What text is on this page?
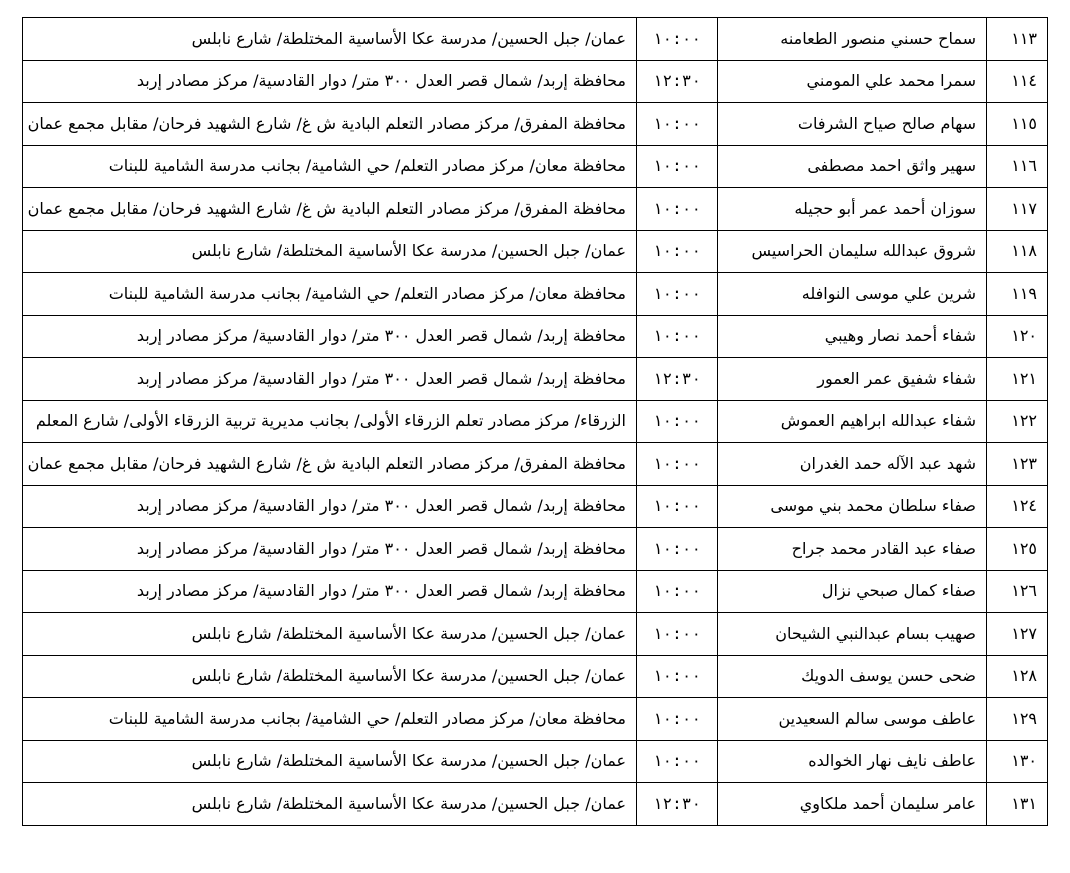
١١٣	سماح حسني منصور الطعامنه	١٠:٠٠	عمان/ جبل الحسين/ مدرسة عكا الأساسية المختلطة/ شارع نابلس
١١٤	سمرا محمد علي المومني	١٢:٣٠	محافظة إربد/ شمال قصر العدل ٣٠٠ متر/ دوار القادسية/ مركز مصادر إربد
١١٥	سهام صالح صياح الشرفات	١٠:٠٠	محافظة المفرق/ مركز مصادر التعلم البادية ش غ/ شارع الشهيد فرحان/ مقابل مجمع عمان
١١٦	سهير واثق احمد مصطفى	١٠:٠٠	محافظة معان/ مركز مصادر التعلم/ حي الشامية/ بجانب مدرسة الشامية للبنات
١١٧	سوزان أحمد عمر أبو حجيله	١٠:٠٠	محافظة المفرق/ مركز مصادر التعلم البادية ش غ/ شارع الشهيد فرحان/ مقابل مجمع عمان
١١٨	شروق عبدالله سليمان الحراسيس	١٠:٠٠	عمان/ جبل الحسين/ مدرسة عكا الأساسية المختلطة/ شارع نابلس
١١٩	شرين علي موسى النوافله	١٠:٠٠	محافظة معان/ مركز مصادر التعلم/ حي الشامية/ بجانب مدرسة الشامية للبنات
١٢٠	شفاء أحمد نصار وهيبي	١٠:٠٠	محافظة إربد/ شمال قصر العدل ٣٠٠ متر/ دوار القادسية/ مركز مصادر إربد
١٢١	شفاء شفيق عمر العمور	١٢:٣٠	محافظة إربد/ شمال قصر العدل ٣٠٠ متر/ دوار القادسية/ مركز مصادر إربد
١٢٢	شفاء عبدالله ابراهيم العموش	١٠:٠٠	الزرقاء/ مركز مصادر تعلم الزرقاء الأولى/ بجانب مديرية تربية الزرقاء الأولى/ شارع المعلم
١٢٣	شهد عبد الآله حمد الغدران	١٠:٠٠	محافظة المفرق/ مركز مصادر التعلم البادية ش غ/ شارع الشهيد فرحان/ مقابل مجمع عمان
١٢٤	صفاء سلطان محمد بني موسى	١٠:٠٠	محافظة إربد/ شمال قصر العدل ٣٠٠ متر/ دوار القادسية/ مركز مصادر إربد
١٢٥	صفاء عبد القادر محمد جراح	١٠:٠٠	محافظة إربد/ شمال قصر العدل ٣٠٠ متر/ دوار القادسية/ مركز مصادر إربد
١٢٦	صفاء كمال صبحي نزال	١٠:٠٠	محافظة إربد/ شمال قصر العدل ٣٠٠ متر/ دوار القادسية/ مركز مصادر إربد
١٢٧	صهيب بسام عبدالنبي الشيحان	١٠:٠٠	عمان/ جبل الحسين/ مدرسة عكا الأساسية المختلطة/ شارع نابلس
١٢٨	ضحى حسن يوسف الدويك	١٠:٠٠	عمان/ جبل الحسين/ مدرسة عكا الأساسية المختلطة/ شارع نابلس
١٢٩	عاطف موسى سالم السعيدين	١٠:٠٠	محافظة معان/ مركز مصادر التعلم/ حي الشامية/ بجانب مدرسة الشامية للبنات
١٣٠	عاطف نايف نهار الخوالده	١٠:٠٠	عمان/ جبل الحسين/ مدرسة عكا الأساسية المختلطة/ شارع نابلس
١٣١	عامر سليمان أحمد ملكاوي	١٢:٣٠	عمان/ جبل الحسين/ مدرسة عكا الأساسية المختلطة/ شارع نابلس
